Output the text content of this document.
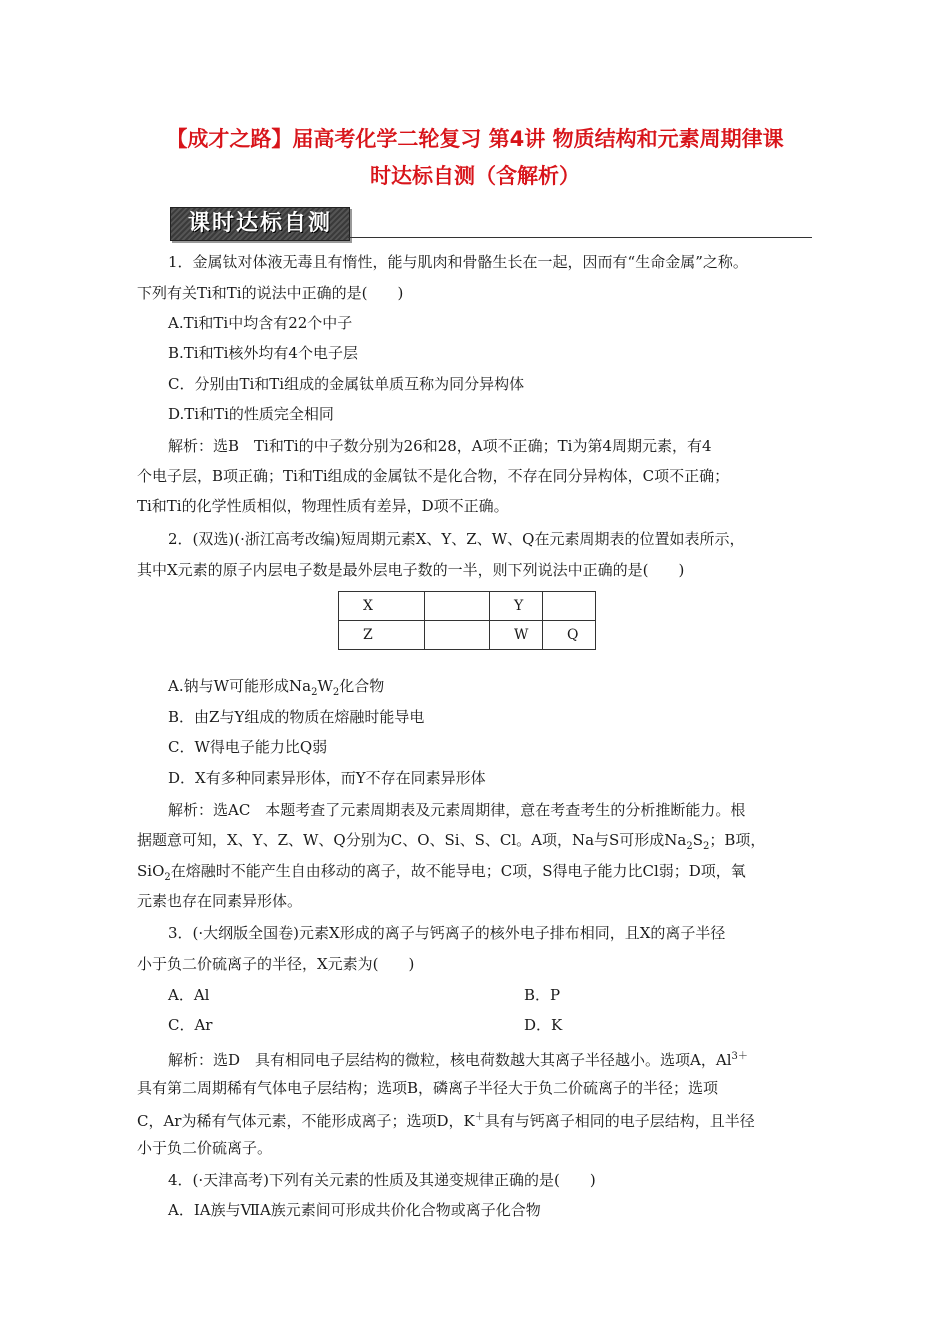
【成才之路】届高考化学二轮复习 第4讲 物质结构和元素周期律课
时达标自测（含解析）
课时达标自测
1．金属钛对体液无毒且有惰性，能与肌肉和骨骼生长在一起，因而有“生命金属”之称。
下列有关Ti和Ti的说法中正确的是(　　)
A.Ti和Ti中均含有22个中子
B.Ti和Ti核外均有4个电子层
C．分别由Ti和Ti组成的金属钛单质互称为同分异构体
D.Ti和Ti的性质完全相同
解析：选B　Ti和Ti的中子数分别为26和28，A项不正确；Ti为第4周期元素，有4
个电子层，B项正确；Ti和Ti组成的金属钛不是化合物，不存在同分异构体，C项不正确；
Ti和Ti的化学性质相似，物理性质有差异，D项不正确。
2．(双选)(·浙江高考改编)短周期元素X、Y、Z、W、Q在元素周期表的位置如表所示，
其中X元素的原子内层电子数是最外层电子数的一半，则下列说法中正确的是(　　)
X		Y	
Z		W	Q
A.钠与W可能形成$Na_2W_2$化合物
B．由Z与Y组成的物质在熔融时能导电
C．W得电子能力比Q弱
D．X有多种同素异形体，而Y不存在同素异形体
解析：选AC　本题考查了元素周期表及元素周期律，意在考查考生的分析推断能力。根
据题意可知，X、Y、Z、W、Q分别为C、O、Si、S、Cl。A项，Na与S可形成$Na_2S_2$；B项，
SiO$_2$在熔融时不能产生自由移动的离子，故不能导电；C项，S得电子能力比Cl弱；D项，氧
元素也存在同素异形体。
3．(·大纲版全国卷)元素X形成的离子与钙离子的核外电子排布相同，且X的离子半径
小于负二价硫离子的半径，X元素为(　　)
A．Al	B．P
C．Ar	D．K
解析：选D　具有相同电子层结构的微粒，核电荷数越大其离子半径越小。选项A，$Al^{3+}$
具有第二周期稀有气体电子层结构；选项B，磷离子半径大于负二价硫离子的半径；选项
C，Ar为稀有气体元素，不能形成离子；选项D，K＋具有与钙离子相同的电子层结构，且半径
小于负二价硫离子。
4．(·天津高考)下列有关元素的性质及其递变规律正确的是(　　)
A．ⅠA族与ⅦA族元素间可形成共价化合物或离子化合物
